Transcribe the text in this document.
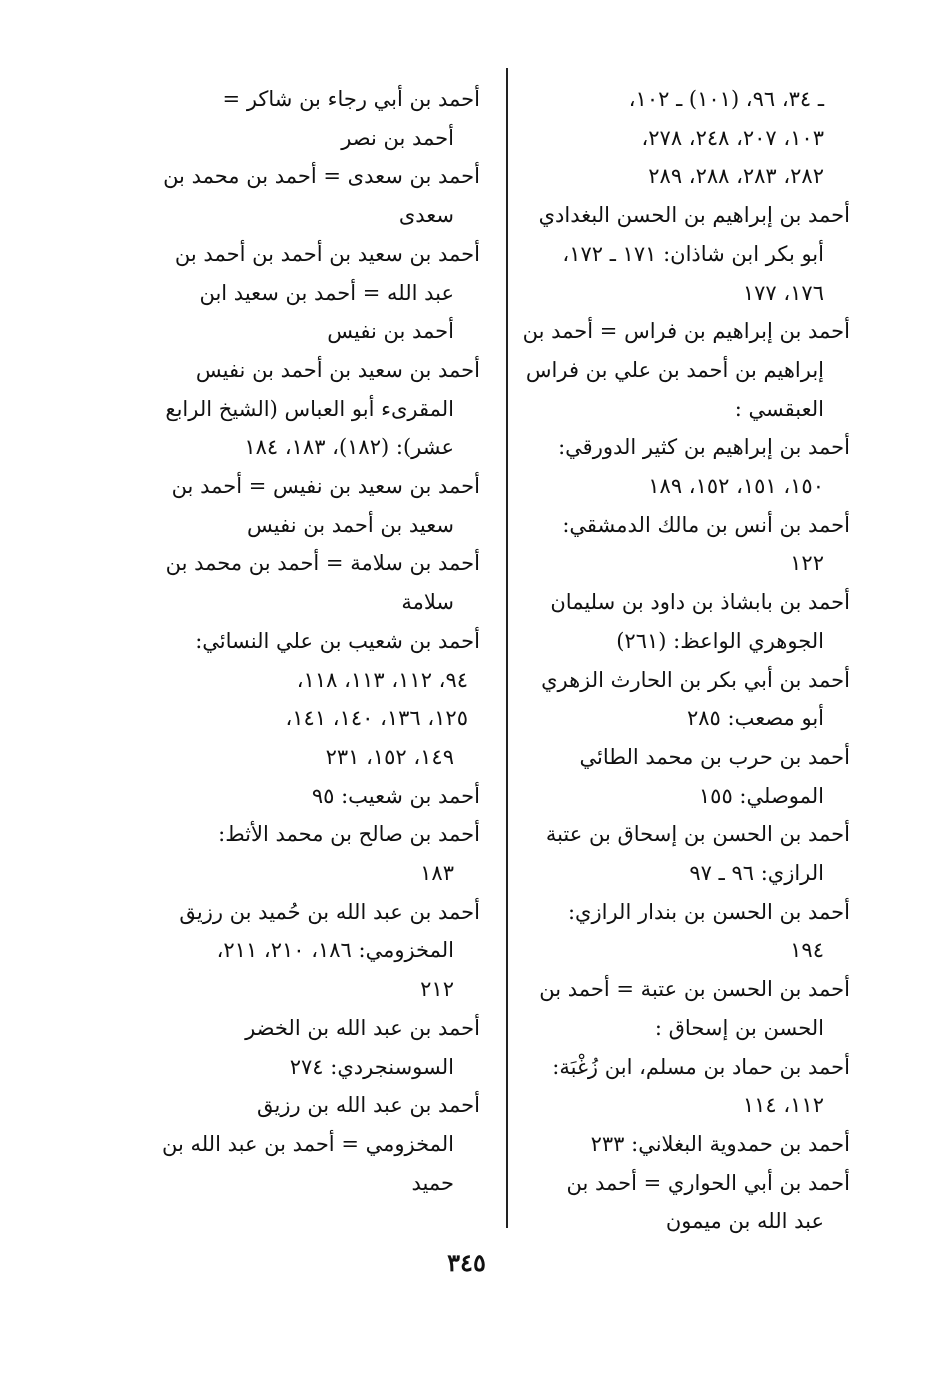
ـ ٣٤، ٩٦، (١٠١) ـ ١٠٢،
١٠٣، ٢٠٧، ٢٤٨، ٢٧٨،
٢٨٢، ٢٨٣، ٢٨٨، ٢٨٩
أحمد بن إبراهيم بن الحسن البغدادي
أبو بكر ابن شاذان: ١٧١ ـ ١٧٢،
١٧٦، ١٧٧
أحمد بن إبراهيم بن فراس = أحمد بن
إبراهيم بن أحمد بن علي بن فراس
العبقسي :
أحمد بن إبراهيم بن كثير الدورقي:
١٥٠، ١٥١، ١٥٢، ١٨٩
أحمد بن أنس بن مالك الدمشقي:
١٢٢
أحمد بن بابشاذ بن داود بن سليمان
الجوهري الواعظ: (٢٦١)
أحمد بن أبي بكر بن الحارث الزهري
أبو مصعب: ٢٨٥
أحمد بن حرب بن محمد الطائي
الموصلي: ١٥٥
أحمد بن الحسن بن إسحاق بن عتبة
الرازي: ٩٦ ـ ٩٧
أحمد بن الحسن بن بندار الرازي:
١٩٤
أحمد بن الحسن بن عتبة = أحمد بن
الحسن بن إسحاق :
أحمد بن حماد بن مسلم، ابن زُغْبَة:
١١٢، ١١٤
أحمد بن حمدوية البغلاني: ٢٣٣
أحمد بن أبي الحواري = أحمد بن
عبد الله بن ميمون
أحمد بن أبي رجاء بن شاكر =
أحمد بن نصر
أحمد بن سعدى = أحمد بن محمد بن
سعدى
أحمد بن سعيد بن أحمد بن أحمد بن
عبد الله = أحمد بن سعيد ابن
أحمد بن نفيس
أحمد بن سعيد بن أحمد بن نفيس
المقرىء أبو العباس (الشيخ الرابع
عشر): (١٨٢)، ١٨٣، ١٨٤
أحمد بن سعيد بن نفيس = أحمد بن
سعيد بن أحمد بن نفيس
أحمد بن سلامة = أحمد بن محمد بن
سلامة
أحمد بن شعيب بن علي النسائي:
٩٤، ١١٢، ١١٣، ١١٨،
١٢٥، ١٣٦، ١٤٠، ١٤١،
١٤٩، ١٥٢، ٢٣١
أحمد بن شعيب: ٩٥
أحمد بن صالح بن محمد الأثط:
١٨٣
أحمد بن عبد الله بن حُميد بن رزيق
المخزومي: ١٨٦، ٢١٠، ٢١١،
٢١٢
أحمد بن عبد الله بن الخضر
السوسنجردي: ٢٧٤
أحمد بن عبد الله بن رزيق
المخزومي = أحمد بن عبد الله بن
حميد
٣٤٥
